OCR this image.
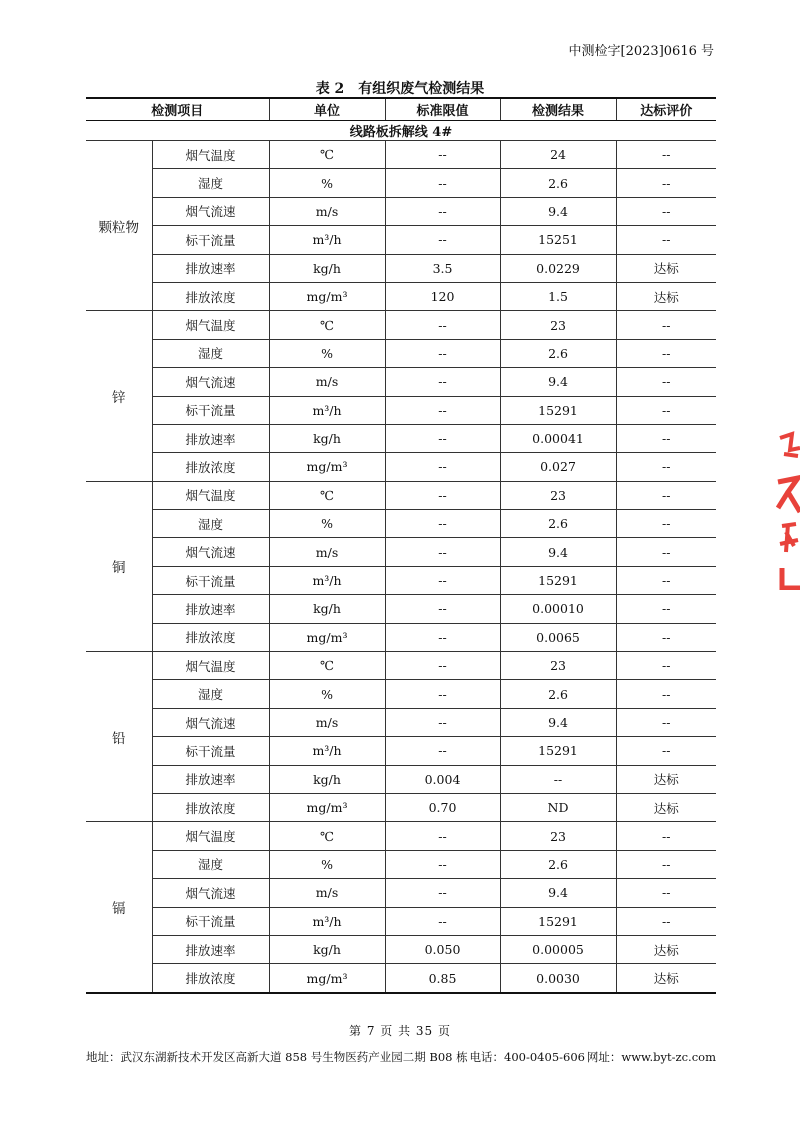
中测检字[2023]0616 号
表 2　有组织废气检测结果
检测项目		单位	标准限值	检测结果	达标评价
线路板拆解线 4#					
颗粒物	烟气温度	℃	--	24	--
	湿度	%	--	2.6	--
	烟气流速	m/s	--	9.4	--
	标干流量	m³/h	--	15251	--
	排放速率	kg/h	3.5	0.0229	达标
	排放浓度	mg/m³	120	1.5	达标
锌	烟气温度	℃	--	23	--
	湿度	%	--	2.6	--
	烟气流速	m/s	--	9.4	--
	标干流量	m³/h	--	15291	--
	排放速率	kg/h	--	0.00041	--
	排放浓度	mg/m³	--	0.027	--
铜	烟气温度	℃	--	23	--
	湿度	%	--	2.6	--
	烟气流速	m/s	--	9.4	--
	标干流量	m³/h	--	15291	--
	排放速率	kg/h	--	0.00010	--
	排放浓度	mg/m³	--	0.0065	--
铅	烟气温度	℃	--	23	--
	湿度	%	--	2.6	--
	烟气流速	m/s	--	9.4	--
	标干流量	m³/h	--	15291	--
	排放速率	kg/h	0.004	--	达标
	排放浓度	mg/m³	0.70	ND	达标
镉	烟气温度	℃	--	23	--
	湿度	%	--	2.6	--
	烟气流速	m/s	--	9.4	--
	标干流量	m³/h	--	15291	--
	排放速率	kg/h	0.050	0.00005	达标
	排放浓度	mg/m³	0.85	0.0030	达标
第 7 页 共 35 页
地址：武汉东湖新技术开发区高新大道 858 号生物医药产业园二期 B08 栋 电话：400-0405-606 网址：www.byt-zc.com
